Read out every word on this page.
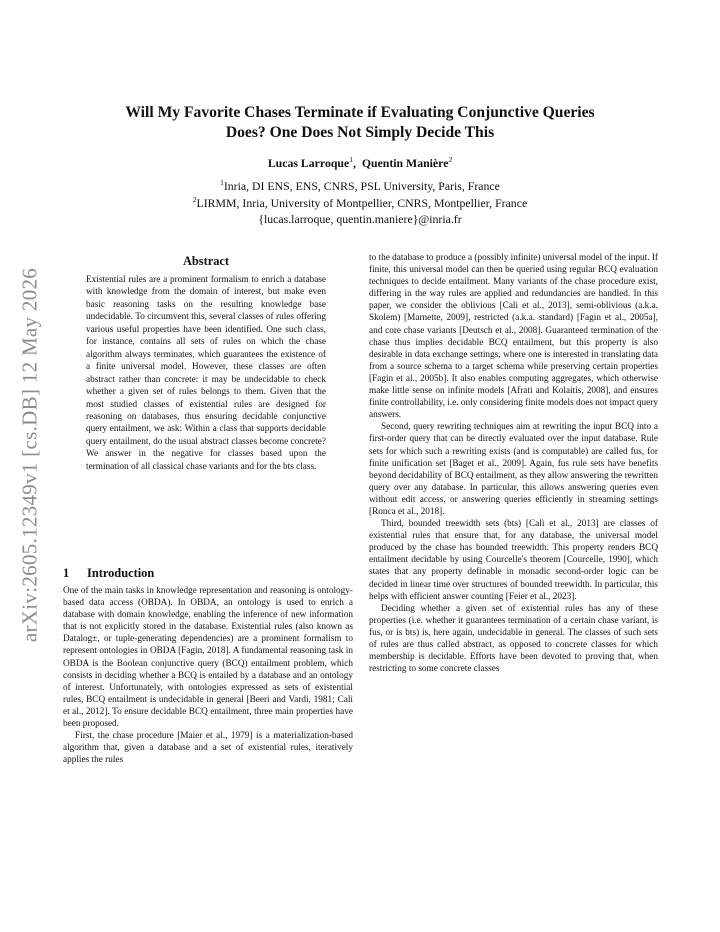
arXiv:2605.12349v1 [cs.DB] 12 May 2026
Will My Favorite Chases Terminate if Evaluating Conjunctive Queries
Does? One Does Not Simply Decide This
Lucas Larroque$^1$, Quentin Manière$^2$
$^1$Inria, DI ENS, ENS, CNRS, PSL University, Paris, France
$^2$LIRMM, Inria, University of Montpellier, CNRS, Montpellier, France
{lucas.larroque, quentin.maniere}@inria.fr
Abstract
Existential rules are a prominent formalism to enrich a database with knowledge from the domain of interest, but make even basic reasoning tasks on the resulting knowledge base undecidable. To circumvent this, several classes of rules offering various useful properties have been identified. One such class, for instance, contains all sets of rules on which the chase algorithm always terminates, which guarantees the existence of a finite universal model. However, these classes are often abstract rather than concrete: it may be undecidable to check whether a given set of rules belongs to them. Given that the most studied classes of existential rules are designed for reasoning on databases, thus ensuring decidable conjunctive query entailment, we ask: Within a class that supports decidable query entailment, do the usual abstract classes become concrete? We answer in the negative for classes based upon the termination of all classical chase variants and for the bts class.
1 Introduction

One of the main tasks in knowledge representation and reasoning is ontology-based data access (OBDA). In OBDA, an ontology is used to enrich a database with domain knowledge, enabling the inference of new information that is not explicitly stored in the database. Existential rules (also known as Datalog±, or tuple-generating dependencies) are a prominent formalism to represent ontologies in OBDA [Fagin, 2018]. A fundamental reasoning task in OBDA is the Boolean conjunctive query (BCQ) entailment problem, which consists in deciding whether a BCQ is entailed by a database and an ontology of interest. Unfortunately, with ontologies expressed as sets of existential rules, BCQ entailment is undecidable in general [Beeri and Vardi, 1981; Calì et al., 2012]. To ensure decidable BCQ entailment, three main properties have been proposed.

First, the chase procedure [Maier et al., 1979] is a materialization-based algorithm that, given a database and a set of existential rules, iteratively applies the rules

to the database to produce a (possibly infinite) universal model of the input. If finite, this universal model can then be queried using regular BCQ evaluation techniques to decide entailment. Many variants of the chase procedure exist, differing in the way rules are applied and redundancies are handled. In this paper, we consider the oblivious [Calì et al., 2013], semi-oblivious (a.k.a. Skolem) [Marnette, 2009], restricted (a.k.a. standard) [Fagin et al., 2005a], and core chase variants [Deutsch et al., 2008]. Guaranteed termination of the chase thus implies decidable BCQ entailment, but this property is also desirable in data exchange settings, where one is interested in translating data from a source schema to a target schema while preserving certain properties [Fagin et al., 2005b]. It also enables computing aggregates, which otherwise make little sense on infinite models [Afrati and Kolaitis, 2008], and ensures finite controllability, i.e. only considering finite models does not impact query answers.

Second, query rewriting techniques aim at rewriting the input BCQ into a first-order query that can be directly evaluated over the input database. Rule sets for which such a rewriting exists (and is computable) are called fus, for finite unification set [Baget et al., 2009]. Again, fus rule sets have benefits beyond decidability of BCQ entailment, as they allow answering the rewritten query over any database. In particular, this allows answering queries even without edit access, or answering queries efficiently in streaming settings [Ronca et al., 2018].

Third, bounded treewidth sets (bts) [Calì et al., 2013] are classes of existential rules that ensure that, for any database, the universal model produced by the chase has bounded treewidth. This property renders BCQ entailment decidable by using Courcelle's theorem [Courcelle, 1990], which states that any property definable in monadic second-order logic can be decided in linear time over structures of bounded treewidth. In particular, this helps with efficient answer counting [Feier et al., 2023].

Deciding whether a given set of existential rules has any of these properties (i.e. whether it guarantees termination of a certain chase variant, is fus, or is bts) is, here again, undecidable in general. The classes of such sets of rules are thus called abstract, as opposed to concrete classes for which membership is decidable. Efforts have been devoted to proving that, when restricting to some concrete classes
